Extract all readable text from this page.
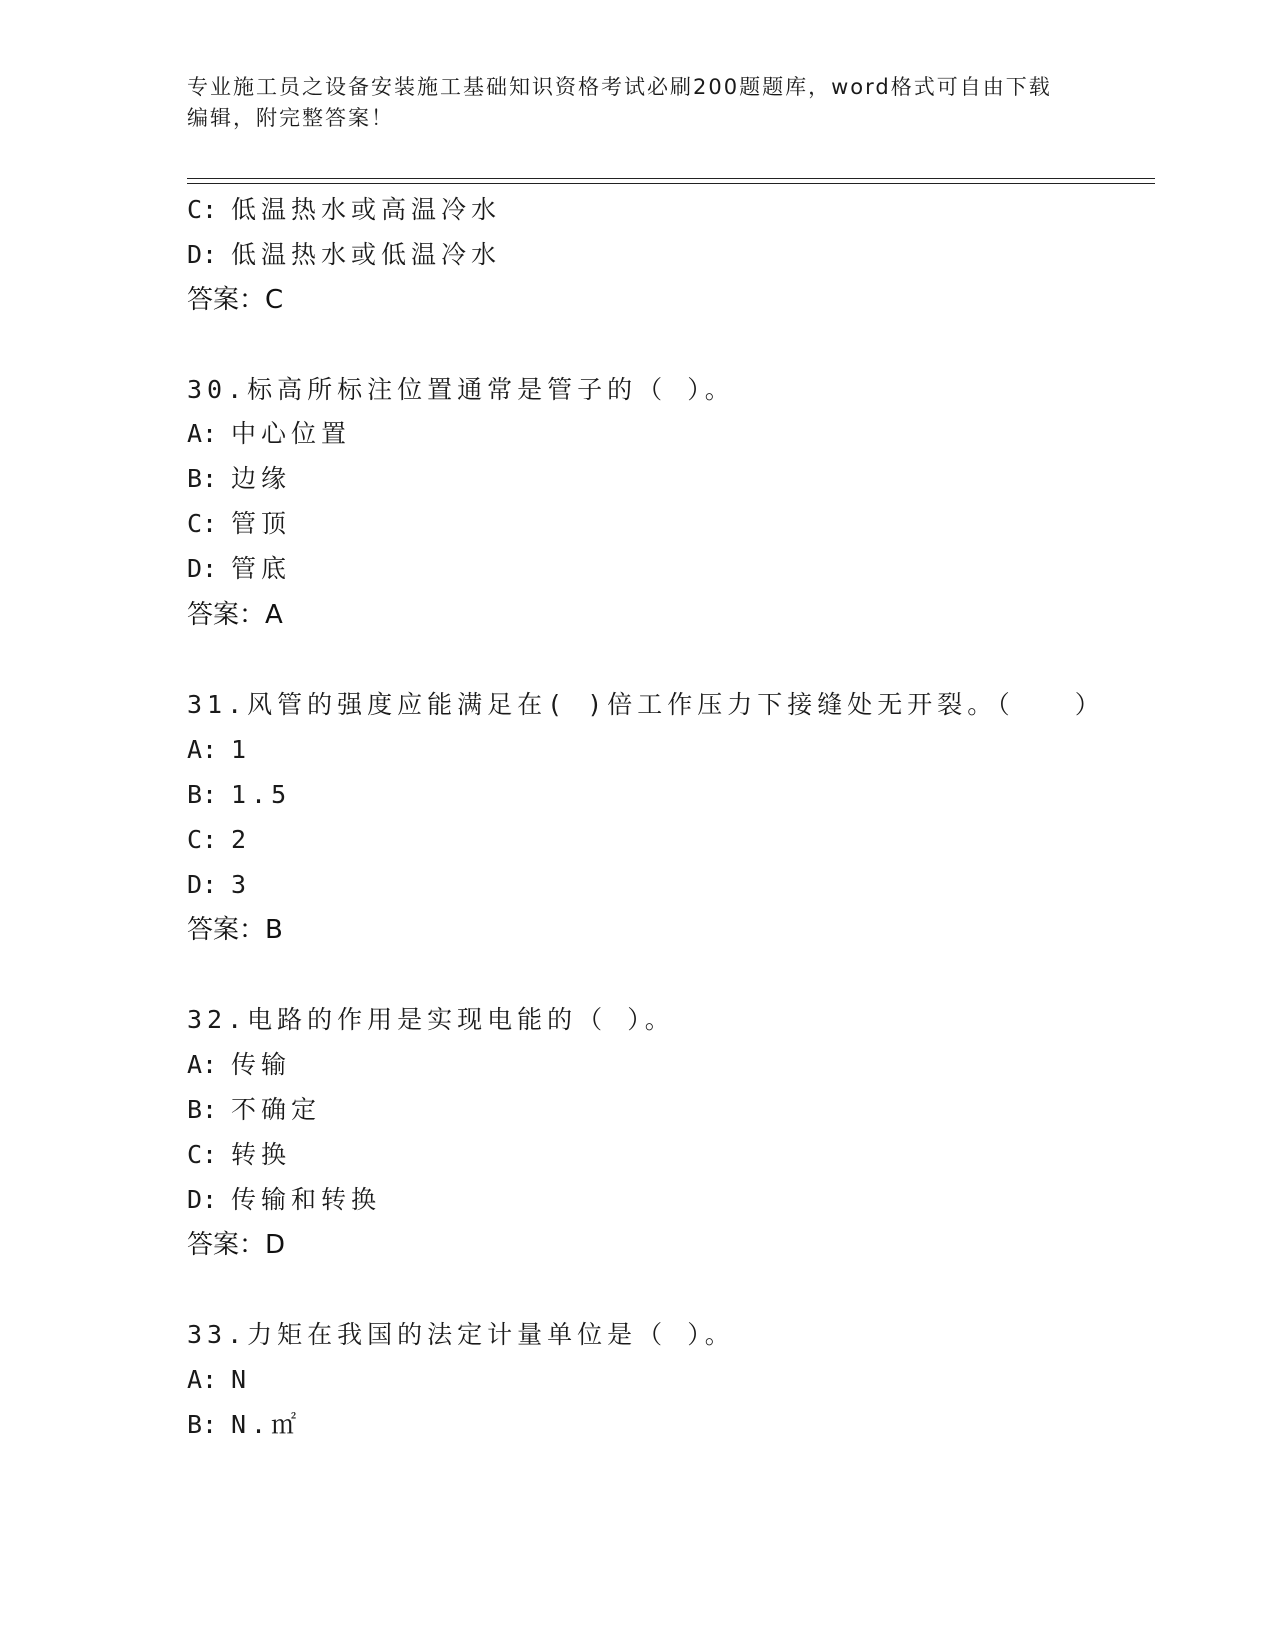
专业施工员之设备安装施工基础知识资格考试必刷200题题库，word格式可自由下载编辑，附完整答案！
C: 低温热水或高温冷水
D: 低温热水或低温冷水
答案：C
30.标高所标注位置通常是管子的（ ）。
A: 中心位置
B: 边缘
C: 管顶
D: 管底
答案：A
31.风管的强度应能满足在( )倍工作压力下接缝处无开裂。（　　）
A: 1
B: 1.5
C: 2
D: 3
答案：B
32.电路的作用是实现电能的（ ）。
A: 传输
B: 不确定
C: 转换
D: 传输和转换
答案：D
33.力矩在我国的法定计量单位是（ ）。
A: N
B: N.㎡
